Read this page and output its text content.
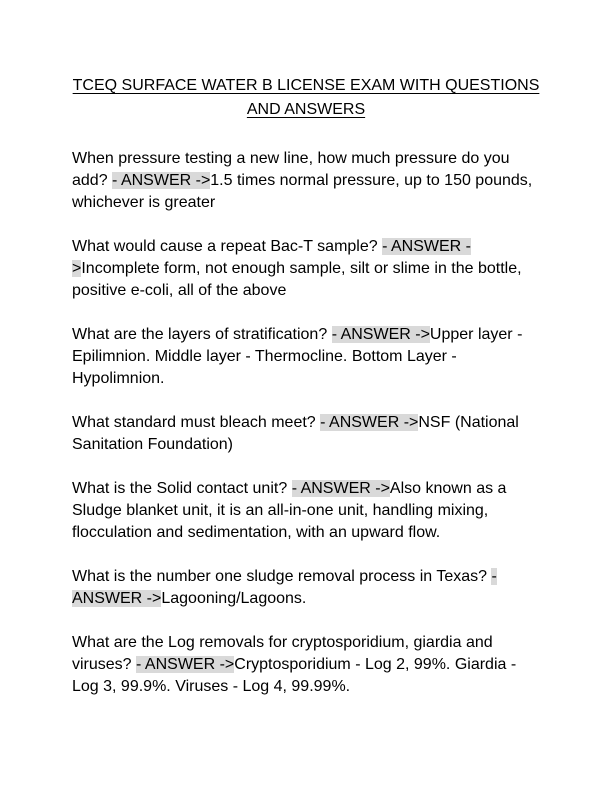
TCEQ SURFACE WATER B LICENSE EXAM WITH QUESTIONS AND ANSWERS

When pressure testing a new line, how much pressure do you add? - ANSWER ->1.5 times normal pressure, up to 150 pounds, whichever is greater

What would cause a repeat Bac-T sample? - ANSWER ->Incomplete form, not enough sample, silt or slime in the bottle, positive e-coli, all of the above

What are the layers of stratification? - ANSWER ->Upper layer - Epilimnion. Middle layer - Thermocline. Bottom Layer - Hypolimnion.

What standard must bleach meet? - ANSWER ->NSF (National Sanitation Foundation)

What is the Solid contact unit? - ANSWER ->Also known as a Sludge blanket unit, it is an all-in-one unit, handling mixing, flocculation and sedimentation, with an upward flow.

What is the number one sludge removal process in Texas? - ANSWER ->Lagooning/Lagoons.

What are the Log removals for cryptosporidium, giardia and viruses? - ANSWER ->Cryptosporidium - Log 2, 99%. Giardia - Log 3, 99.9%. Viruses - Log 4, 99.99%.
